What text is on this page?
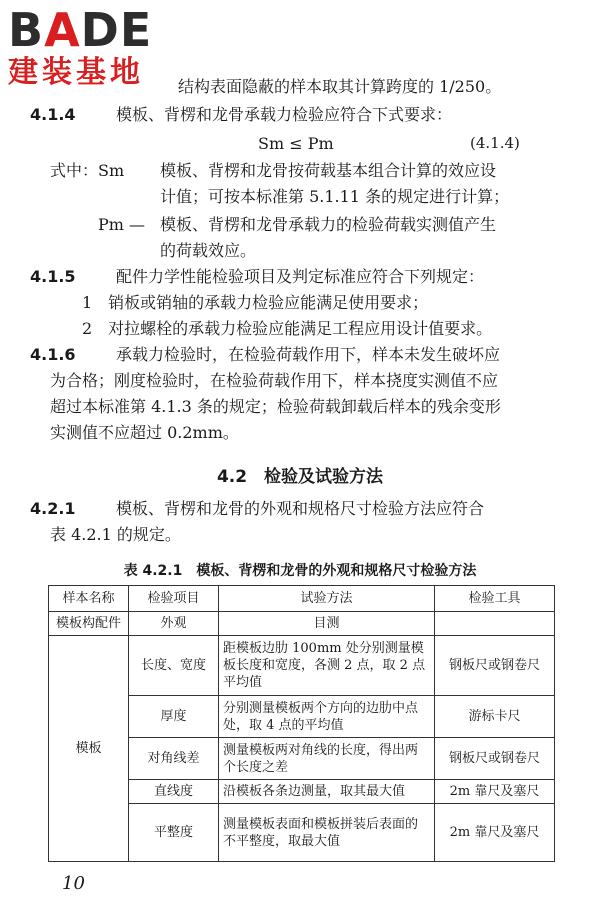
BADE
建装基地	结构表面隐蔽的样本取其计算跨度的 1/250。
4.1.4	模板、背楞和龙骨承载力检验应符合下式要求：
Sm ≤ Pm	(4.1.4)
式中：Sm 模板、背楞和龙骨按荷载基本组合计算的效应设
计值；可按本标准第 5.1.11 条的规定进行计算；
Pm — 模板、背楞和龙骨承载力的检验荷载实测值产生
的荷载效应。
4.1.5	配件力学性能检验项目及判定标准应符合下列规定：
1　销板或销轴的承载力检验应能满足使用要求；
2　对拉螺栓的承载力检验应能满足工程应用设计值要求。
4.1.6	承载力检验时，在检验荷载作用下，样本未发生破坏应
为合格；刚度检验时，在检验荷载作用下，样本挠度实测值不应
超过本标准第 4.1.3 条的规定；检验荷载卸载后样本的残余变形
实测值不应超过 0.2mm。
4.2　检验及试验方法
4.2.1	模板、背楞和龙骨的外观和规格尺寸检验方法应符合
表 4.2.1 的规定。
表 4.2.1　模板、背楞和龙骨的外观和规格尺寸检验方法
样本名称	检验项目	试验方法	检验工具
模板构配件	外观	目测	
模板	长度、宽度	距模板边肋 100mm 处分别测量模板长度和宽度，各测 2 点，取 2 点平均值	钢板尺或钢卷尺
	厚度	分别测量模板两个方向的边肋中点处，取 4 点的平均值	游标卡尺
	对角线差	测量模板两对角线的长度，得出两个长度之差	钢板尺或钢卷尺
	直线度	沿模板各条边测量，取其最大值	2m 靠尺及塞尺
	平整度	测量模板表面和模板拼装后表面的不平整度，取最大值	2m 靠尺及塞尺
10
